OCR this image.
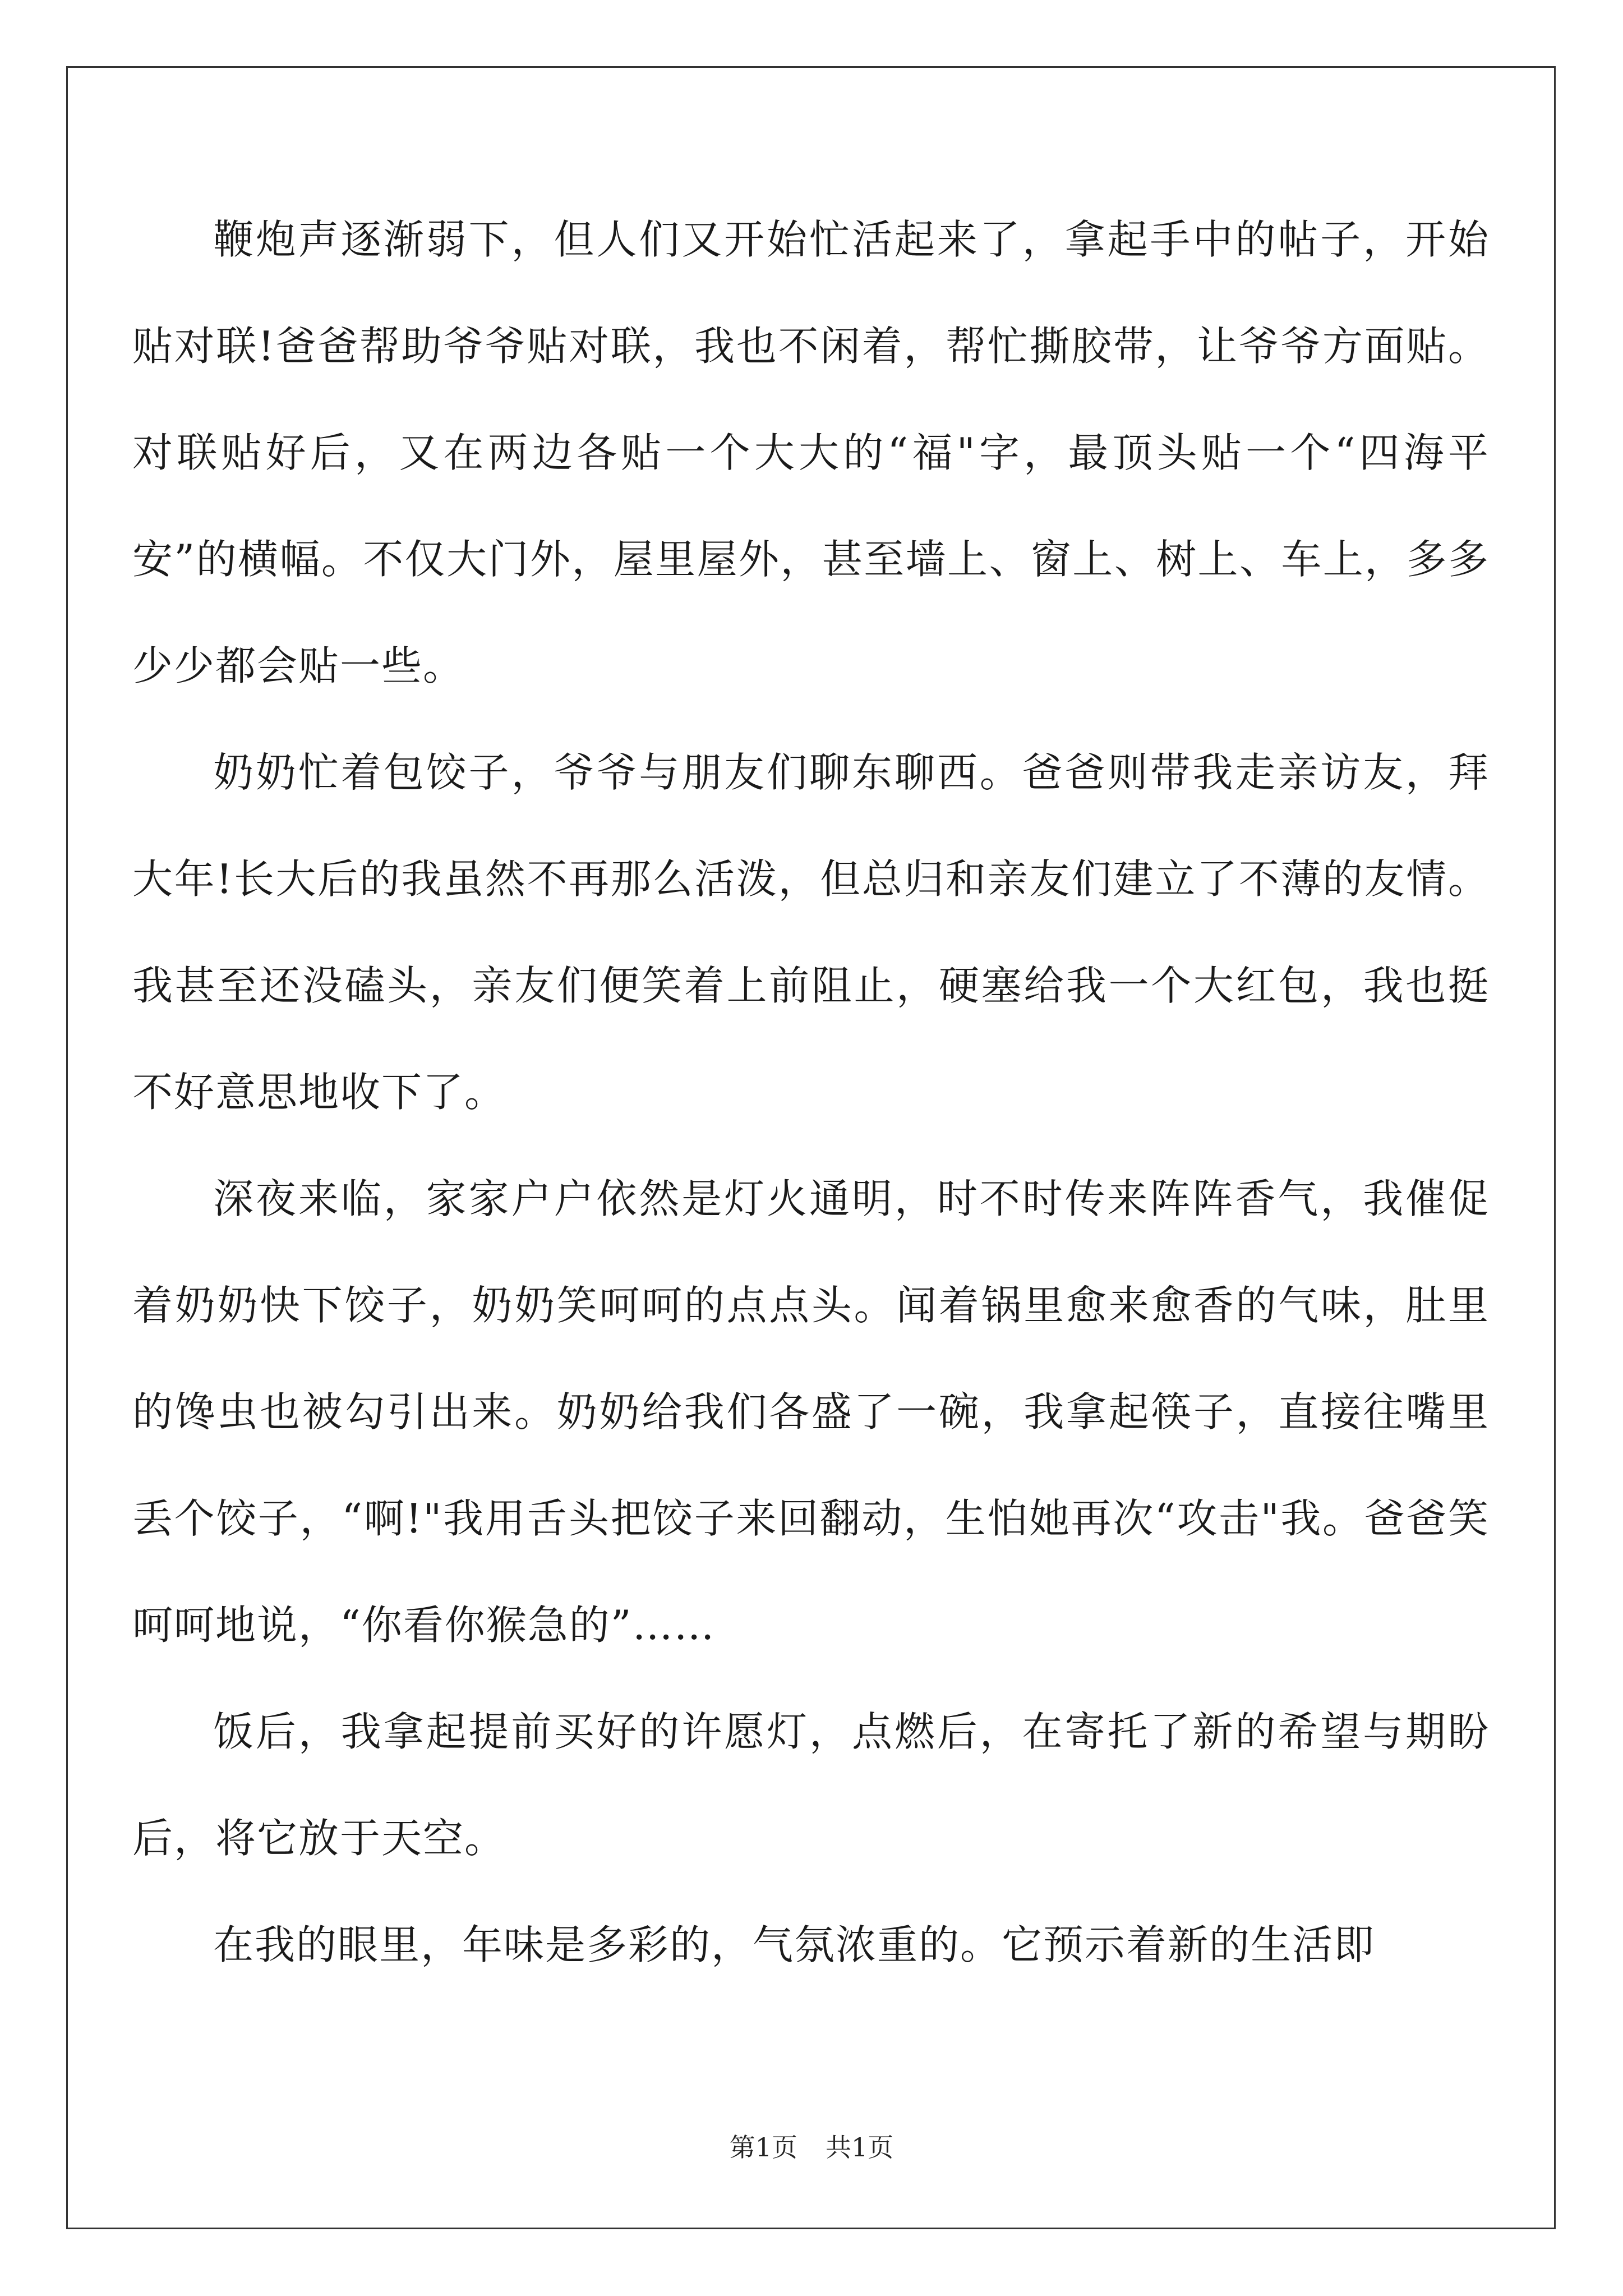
鞭炮声逐渐弱下，但人们又开始忙活起来了，拿起手中的帖子，开始贴对联!爸爸帮助爷爷贴对联，我也不闲着，帮忙撕胶带，让爷爷方面贴。对联贴好后，又在两边各贴一个大大的“福"字，最顶头贴一个“四海平安”的横幅。不仅大门外，屋里屋外，甚至墙上、窗上、树上、车上，多多少少都会贴一些。

奶奶忙着包饺子，爷爷与朋友们聊东聊西。爸爸则带我走亲访友，拜大年!长大后的我虽然不再那么活泼，但总归和亲友们建立了不薄的友情。我甚至还没磕头，亲友们便笑着上前阻止，硬塞给我一个大红包，我也挺不好意思地收下了。

深夜来临，家家户户依然是灯火通明，时不时传来阵阵香气，我催促着奶奶快下饺子，奶奶笑呵呵的点点头。闻着锅里愈来愈香的气味，肚里的馋虫也被勾引出来。奶奶给我们各盛了一碗，我拿起筷子，直接往嘴里丢个饺子，“啊!"我用舌头把饺子来回翻动，生怕她再次“攻击"我。爸爸笑呵呵地说，“你看你猴急的”……

饭后，我拿起提前买好的许愿灯，点燃后，在寄托了新的希望与期盼后，将它放于天空。

在我的眼里，年味是多彩的，气氛浓重的。它预示着新的生活即

第1页 共1页
